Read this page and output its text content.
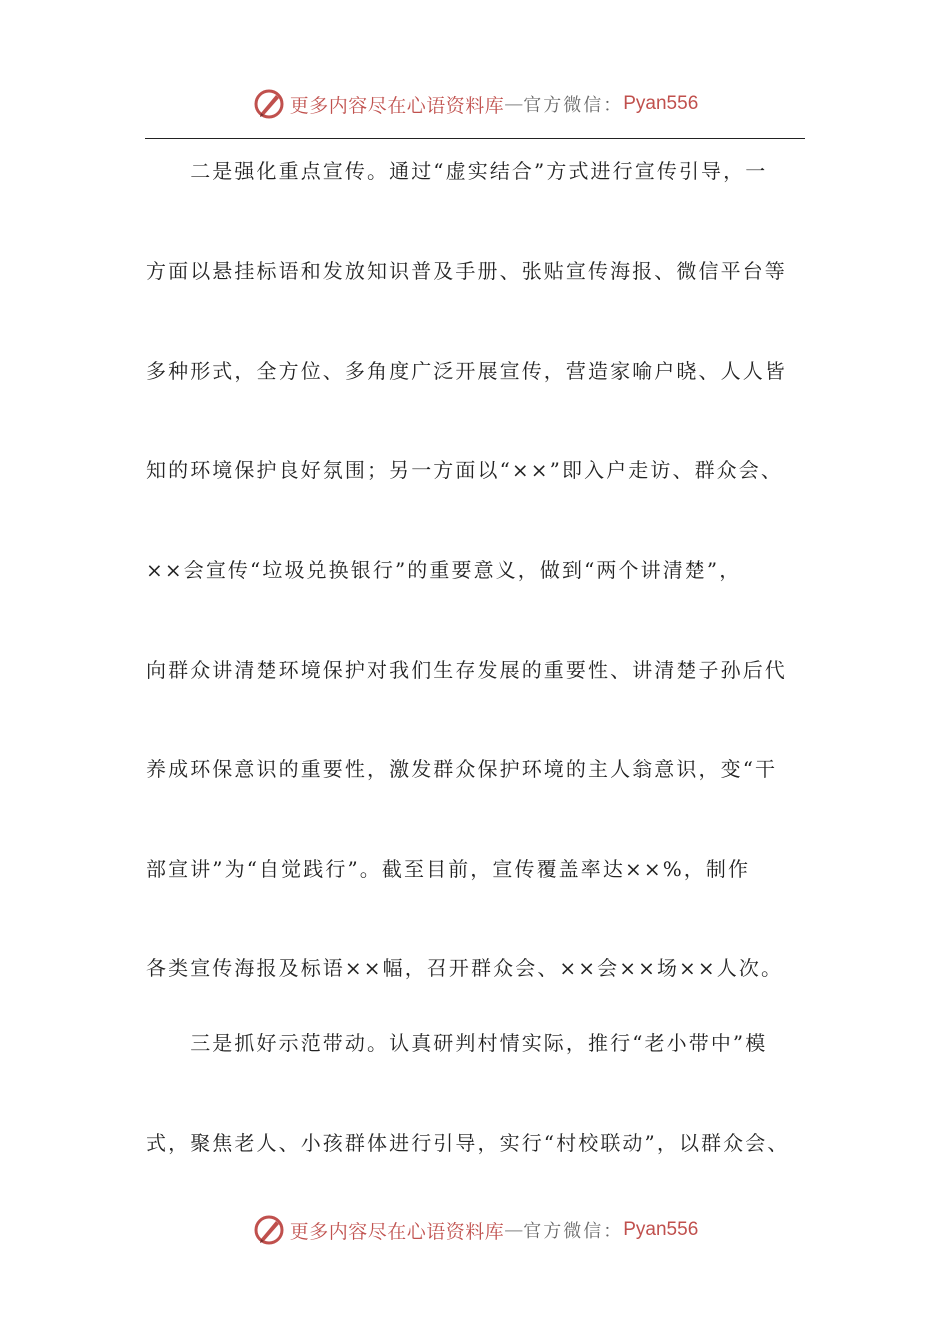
更多内容尽在心语资料库 — 官方微信： Pyan556
　　二是强化重点宣传。通过“虚实结合”方式进行宣传引导，一
方面以悬挂标语和发放知识普及手册、张贴宣传海报、微信平台等
多种形式，全方位、多角度广泛开展宣传，营造家喻户晓、人人皆
知的环境保护良好氛围；另一方面以“××”即入户走访、群众会、
××会宣传“垃圾兑换银行”的重要意义，做到“两个讲清楚”，
向群众讲清楚环境保护对我们生存发展的重要性、讲清楚子孙后代
养成环保意识的重要性，激发群众保护环境的主人翁意识，变“干
部宣讲”为“自觉践行”。截至目前，宣传覆盖率达××%，制作
各类宣传海报及标语××幅，召开群众会、××会××场××人次。
　　三是抓好示范带动。认真研判村情实际，推行“老小带中”模
式，聚焦老人、小孩群体进行引导，实行“村校联动”，以群众会、
更多内容尽在心语资料库 — 官方微信： Pyan556
